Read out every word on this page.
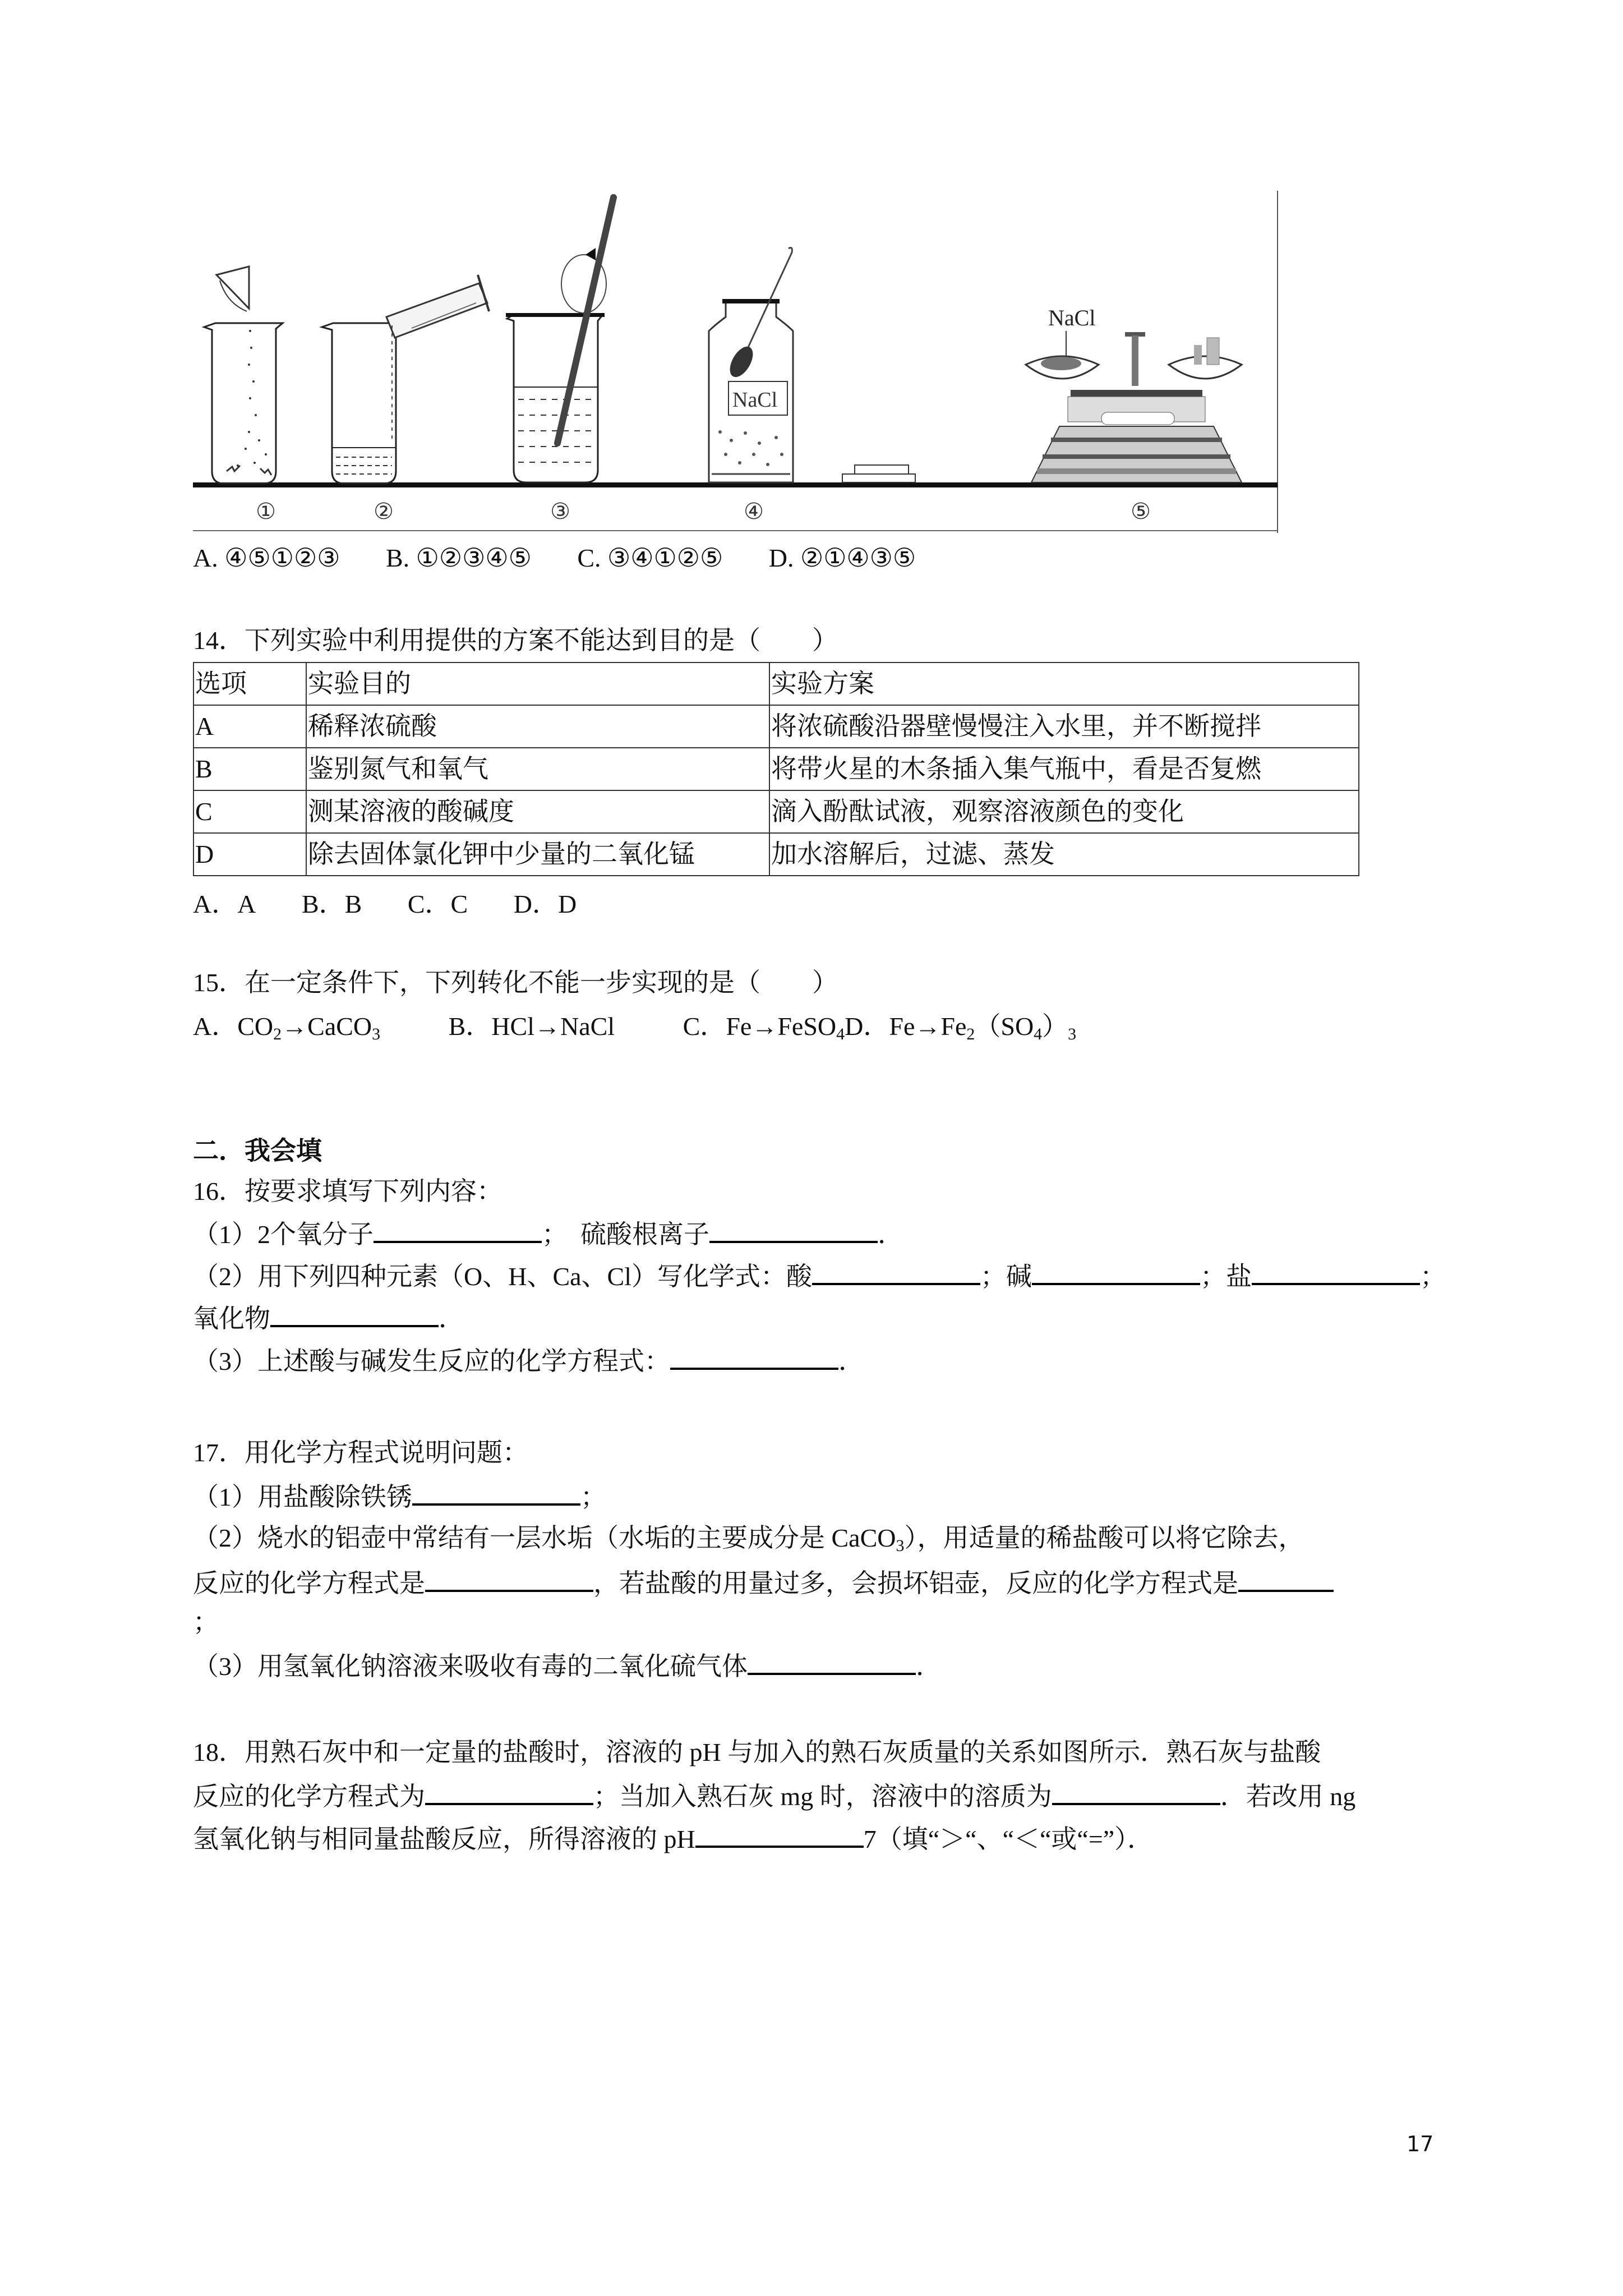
NaCl
NaCl
①	②	③	④	⑤
A. ④⑤①②③ B. ①②③④⑤ C. ③④①②⑤ D. ②①④③⑤
14．下列实验中利用提供的方案不能达到目的是（　　）
选项	实验目的	实验方案
A	稀释浓硫酸	将浓硫酸沿器壁慢慢注入水里，并不断搅拌
B	鉴别氮气和氧气	将带火星的木条插入集气瓶中，看是否复燃
C	测某溶液的酸碱度	滴入酚酞试液，观察溶液颜色的变化
D	除去固体氯化钾中少量的二氧化锰	加水溶解后，过滤、蒸发
A．A B．B C．C D．D
15．在一定条件下，下列转化不能一步实现的是（　　）
A．$CO_2\to CaCO_3$	B．HCl→NaCl	C．Fe→FeSO$_4$D．$Fe\to Fe_2(SO_4)_3$
二．我会填
16．按要求填写下列内容：
（1）2个氧分子	；　硫酸根离子	．
（2）用下列四种元素（O、H、Ca、Cl）写化学式：酸	；碱	；盐	；
氧化物	．
（3）上述酸与碱发生反应的化学方程式：	．
17．用化学方程式说明问题：
（1）用盐酸除铁锈	；
（2）烧水的铝壶中常结有一层水垢（水垢的主要成分是 CaCO$_3$），用适量的稀盐酸可以将它除去，
反应的化学方程式是	，若盐酸的用量过多，会损坏铝壶，反应的化学方程式是
；
（3）用氢氧化钠溶液来吸收有毒的二氧化硫气体	．
18．用熟石灰中和一定量的盐酸时，溶液的 pH 与加入的熟石灰质量的关系如图所示．熟石灰与盐酸
反应的化学方程式为	；当加入熟石灰 mg 时，溶液中的溶质为	．若改用 ng
氢氧化钠与相同量盐酸反应，所得溶液的 pH	7（填“＞“、“＜“或“=”）．
17
